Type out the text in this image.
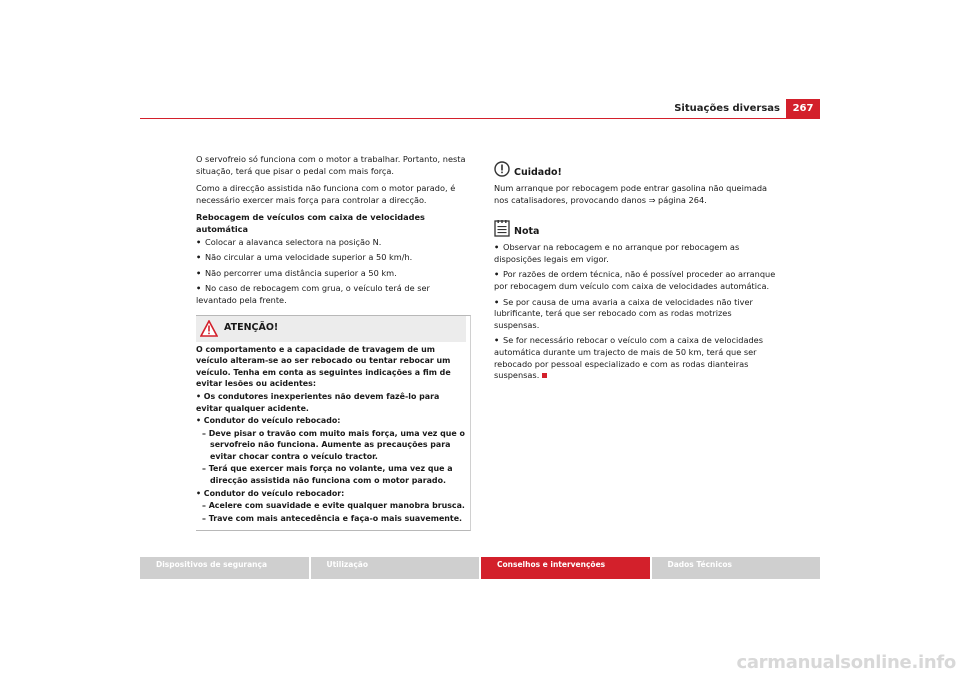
Situações diversas	267

O servofreio só funciona com o motor a trabalhar. Portanto, nesta situação, terá que pisar o pedal com mais força.

Como a direcção assistida não funciona com o motor parado, é necessário exercer mais força para controlar a direcção.

Rebocagem de veículos com caixa de velocidades automática
• Colocar a alavanca selectora na posição N.
• Não circular a uma velocidade superior a 50 km/h.
• Não percorrer uma distância superior a 50 km.
• No caso de rebocagem com grua, o veículo terá de ser levantado pela frente.
ATENÇÃO!

O comportamento e a capacidade de travagem de um veículo alteram-se ao ser rebocado ou tentar rebocar um veículo. Tenha em conta as seguintes indicações a fim de evitar lesões ou acidentes:

• Os condutores inexperientes não devem fazê-lo para evitar qualquer acidente.

• Condutor do veículo rebocado:

– Deve pisar o travão com muito mais força, uma vez que o servofreio não funciona. Aumente as precauções para evitar chocar contra o veículo tractor.
– Terá que exercer mais força no volante, uma vez que a direcção assistida não funciona com o motor parado.

• Condutor do veículo rebocador:

– Acelere com suavidade e evite qualquer manobra brusca.
– Trave com mais antecedência e faça-o mais suavemente.
Cuidado!

Num arranque por rebocagem pode entrar gasolina não queimada nos catalisadores, provocando danos ⇒ página 264.

Nota
• Observar na rebocagem e no arranque por rebocagem as disposições legais em vigor.
• Por razões de ordem técnica, não é possível proceder ao arranque por rebocagem dum veículo com caixa de velocidades automática.
• Se por causa de uma avaria a caixa de velocidades não tiver lubrificante, terá que ser rebocado com as rodas motrizes suspensas.
• Se for necessário rebocar o veículo com a caixa de velocidades automática durante um trajecto de mais de 50 km, terá que ser rebocado por pessoal especializado e com as rodas dianteiras suspensas.
Dispositivos de segurança	Utilização	Conselhos e intervenções	Dados Técnicos
carmanualsonline.info
